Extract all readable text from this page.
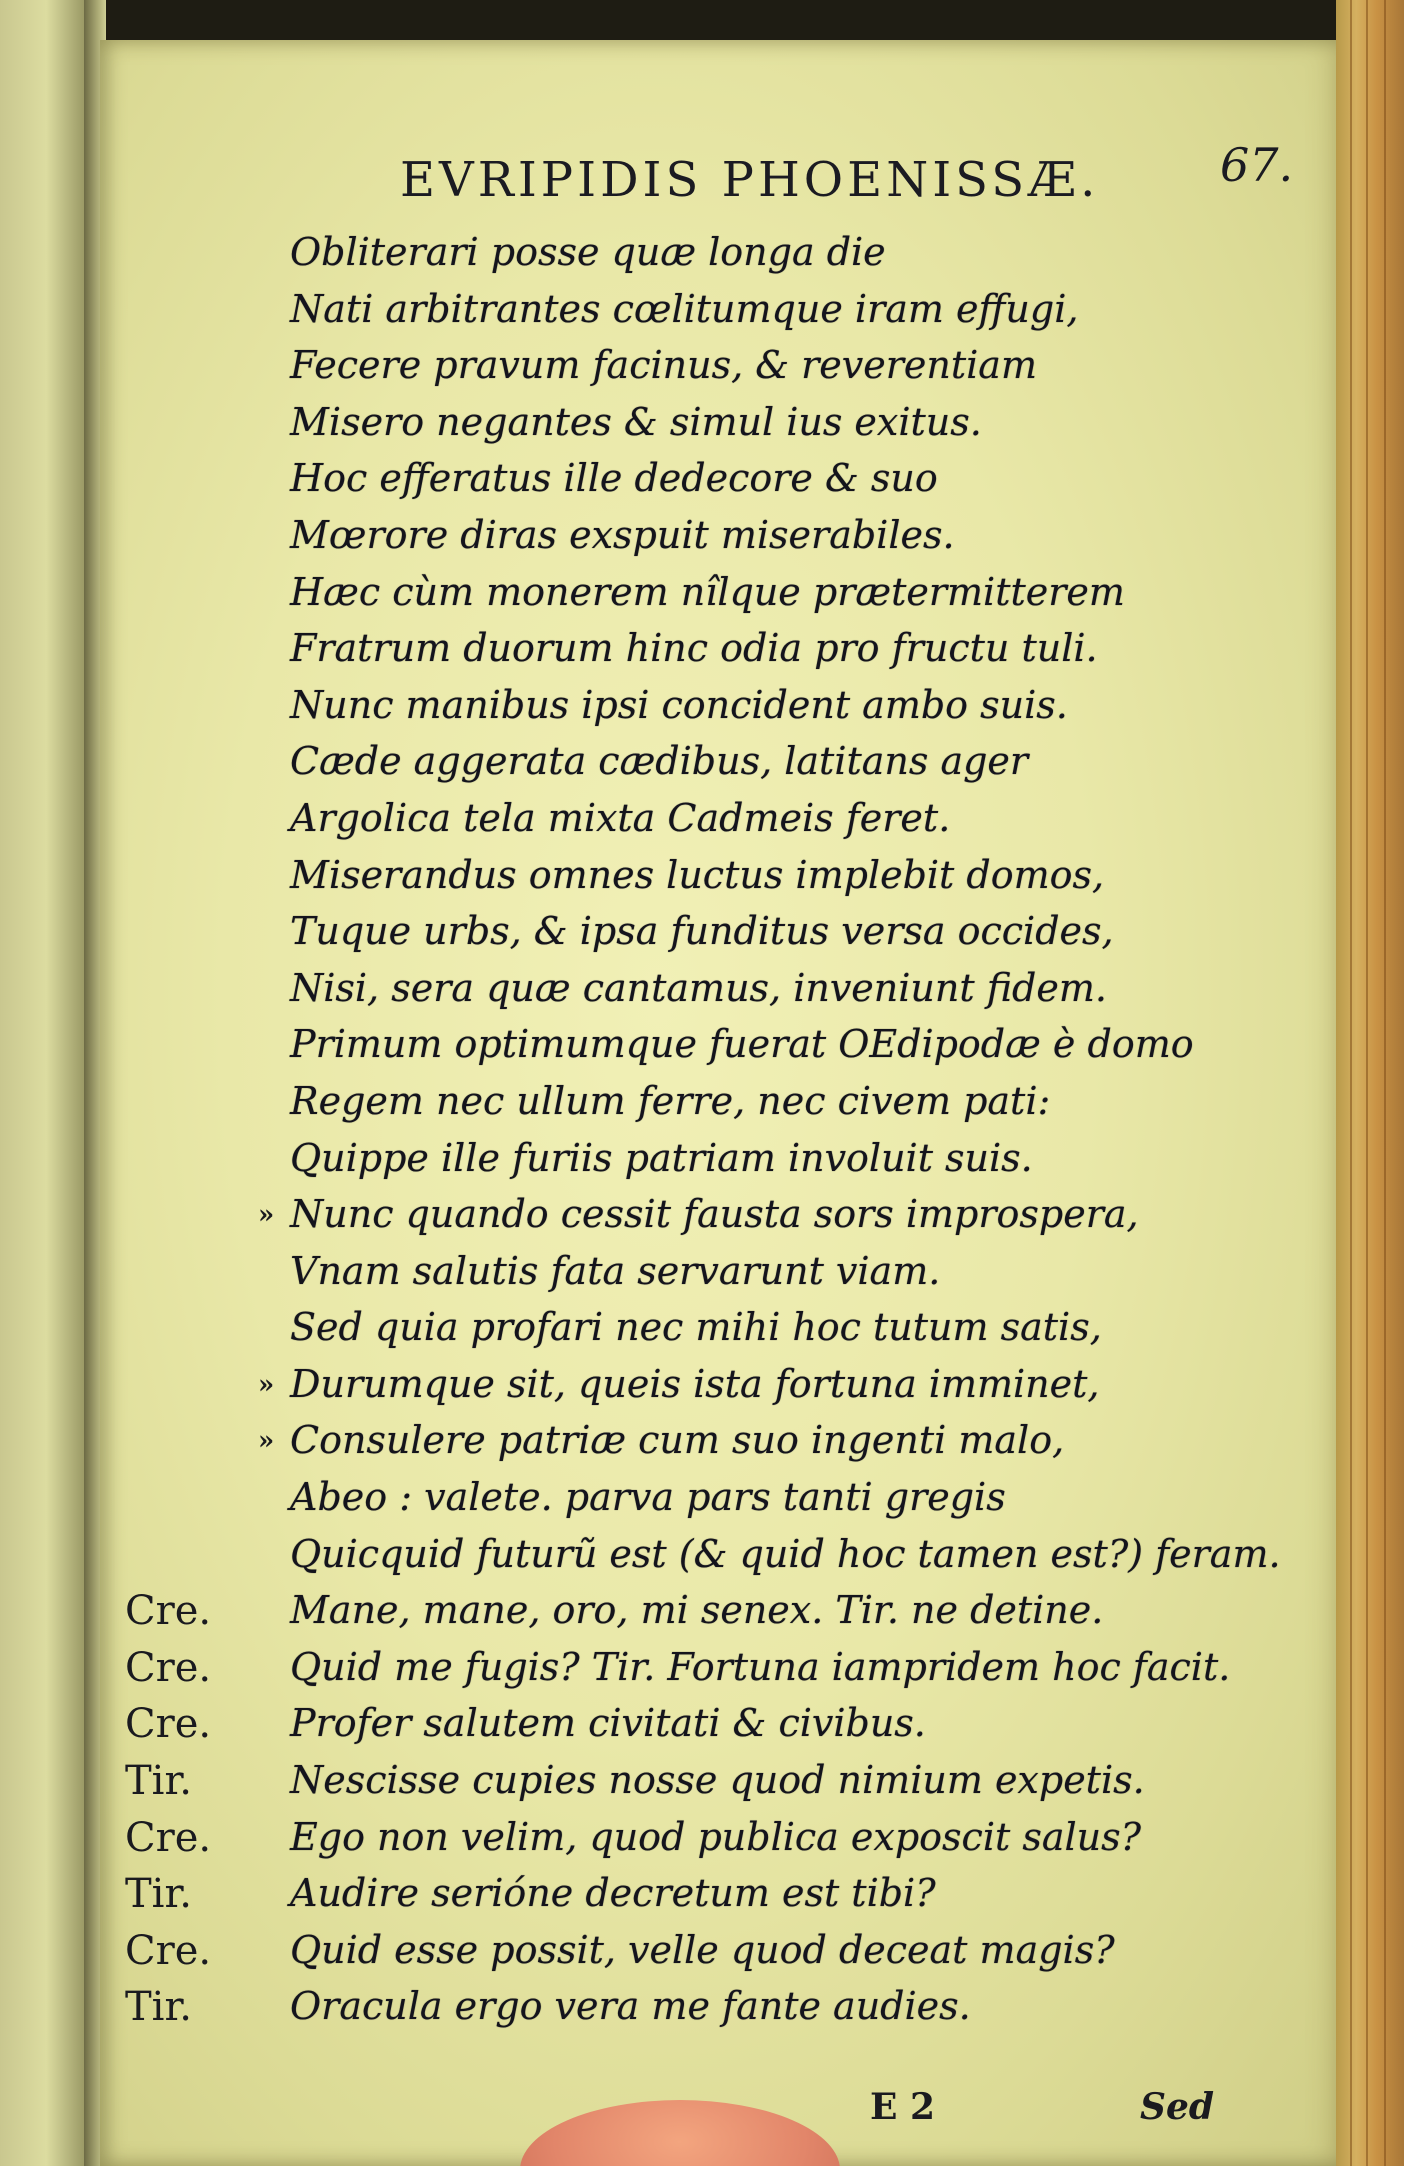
EVRIPIDIS PHOENISSÆ.	67.
Obliterari posse quæ longa die
Nati arbitrantes cœlitumque iram effugi,
Fecere pravum facinus, & reverentiam
Misero negantes & simul ius exitus.
Hoc efferatus ille dedecore & suo
Mœrore diras exspuit miserabiles.
Hæc cùm monerem nîlque prætermitterem
Fratrum duorum hinc odia pro fructu tuli.
Nunc manibus ipsi concident ambo suis.
Cæde aggerata cædibus, latitans ager
Argolica tela mixta Cadmeis feret.
Miserandus omnes luctus implebit domos,
Tuque urbs, & ipsa funditus versa occides,
Nisi, sera quæ cantamus, inveniunt fidem.
Primum optimumque fuerat OEdipodæ è domo
Regem nec ullum ferre, nec civem pati:
Quippe ille furiis patriam involuit suis.
» Nunc quando cessit fausta sors improspera,
Vnam salutis fata servarunt viam.
Sed quia profari nec mihi hoc tutum satis,
» Durumque sit, queis ista fortuna imminet,
» Consulere patriæ cum suo ingenti malo,
Abeo : valete. parva pars tanti gregis
Quicquid futurũ est (& quid hoc tamen est?) feram.
Cre.	Mane, mane, oro, mi senex. Tir. ne detine.
Cre.	Quid me fugis? Tir. Fortuna iampridem hoc facit.
Cre.	Profer salutem civitati & civibus.
Tir.	Nescisse cupies nosse quod nimium expetis.
Cre.	Ego non velim, quod publica exposcit salus?
Tir.	Audire serióne decretum est tibi?
Cre.	Quid esse possit, velle quod deceat magis?
Tir.	Oracula ergo vera me fante audies.
E 2	Sed
